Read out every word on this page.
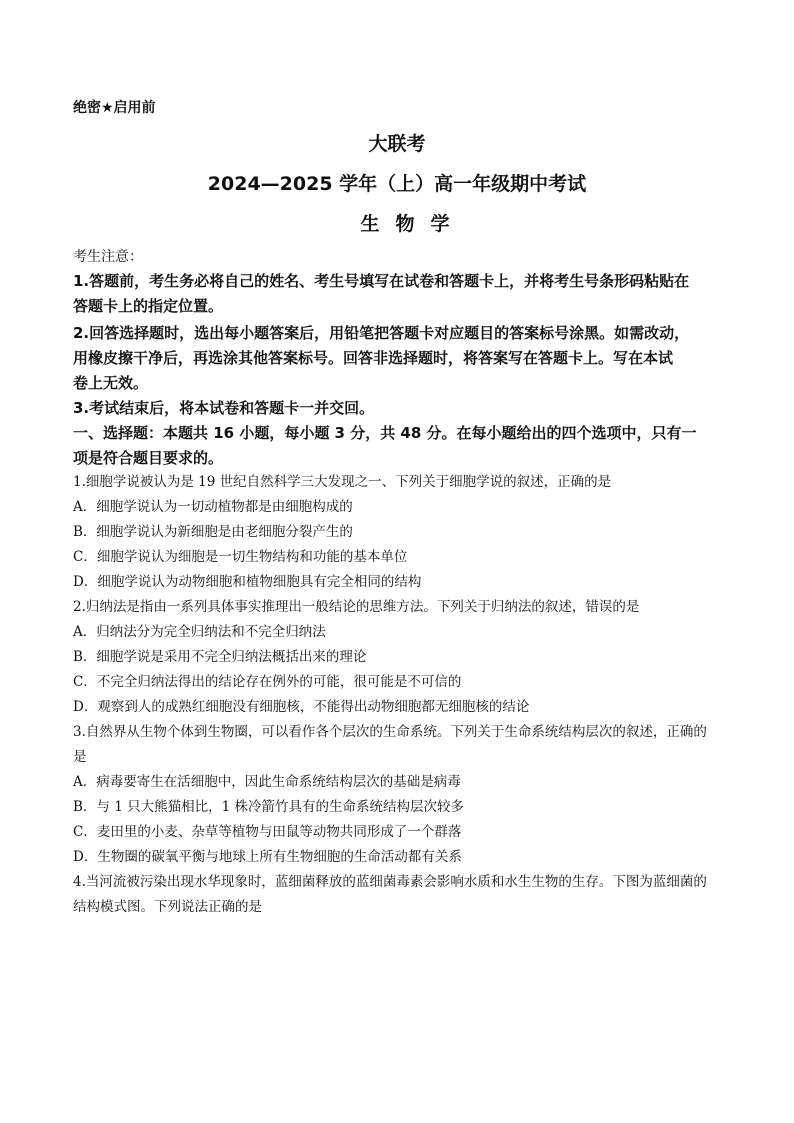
绝密★启用前
大联考
2024—2025 学年（上）高一年级期中考试
生物学
考生注意：
1.答题前，考生务必将自己的姓名、考生号填写在试卷和答题卡上，并将考生号条形码粘贴在
答题卡上的指定位置。
2.回答选择题时，选出每小题答案后，用铅笔把答题卡对应题目的答案标号涂黑。如需改动，
用橡皮擦干净后，再选涂其他答案标号。回答非选择题时，将答案写在答题卡上。写在本试
卷上无效。
3.考试结束后，将本试卷和答题卡一并交回。
一、选择题：本题共 16 小题，每小题 3 分，共 48 分。在每小题给出的四个选项中，只有一
项是符合题目要求的。
1.细胞学说被认为是 19 世纪自然科学三大发现之一、下列关于细胞学说的叙述，正确的是
A．细胞学说认为一切动植物都是由细胞构成的
B．细胞学说认为新细胞是由老细胞分裂产生的
C．细胞学说认为细胞是一切生物结构和功能的基本单位
D．细胞学说认为动物细胞和植物细胞具有完全相同的结构
2.归纳法是指由一系列具体事实推理出一般结论的思维方法。下列关于归纳法的叙述，错误的是
A．归纳法分为完全归纳法和不完全归纳法
B．细胞学说是采用不完全归纳法概括出来的理论
C．不完全归纳法得出的结论存在例外的可能，很可能是不可信的
D．观察到人的成熟红细胞没有细胞核，不能得出动物细胞都无细胞核的结论
3.自然界从生物个体到生物圈，可以看作各个层次的生命系统。下列关于生命系统结构层次的叙述，正确的
是
A．病毒要寄生在活细胞中，因此生命系统结构层次的基础是病毒
B．与 1 只大熊猫相比，1 株冷箭竹具有的生命系统结构层次较多
C．麦田里的小麦、杂草等植物与田鼠等动物共同形成了一个群落
D．生物圈的碳氧平衡与地球上所有生物细胞的生命活动都有关系
4.当河流被污染出现水华现象时，蓝细菌释放的蓝细菌毒素会影响水质和水生生物的生存。下图为蓝细菌的
结构模式图。下列说法正确的是
